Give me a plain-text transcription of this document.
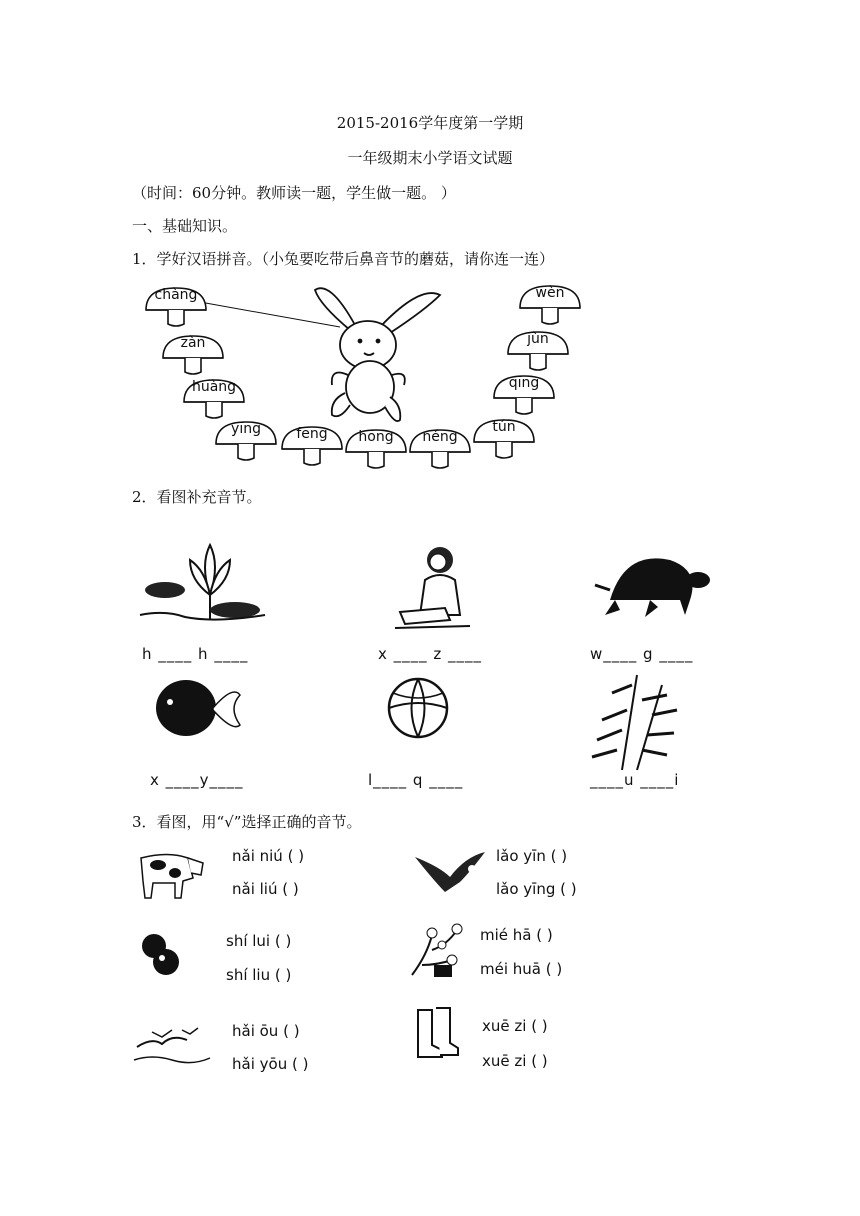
2015-2016学年度第一学期
一年级期末小学语文试题
（时间：60分钟。教师读一题，学生做一题。 ）
一、基础知识。
1．学好汉语拼音。（小兔要吃带后鼻音节的蘑菇，请你连一连）
chàng
zàn
huàng
yīng	fēng	hōng	néng
tún
qīng
jùn
wèn
2．看图补充音节。
h ____ h ____	x ____ z ____	w____ g ____
x ____y____	l____ q ____	____u ____i
3．看图，用“√”选择正确的音节。
nǎi niú ( )
nǎi liú ( )
lǎo yīn ( )
lǎo yīng ( )
shí lui ( )
shí liu ( )
mié hā ( )
méi huā ( )
hǎi ōu ( )
hǎi yōu ( )
xuē zi ( )
xuē zi ( )
